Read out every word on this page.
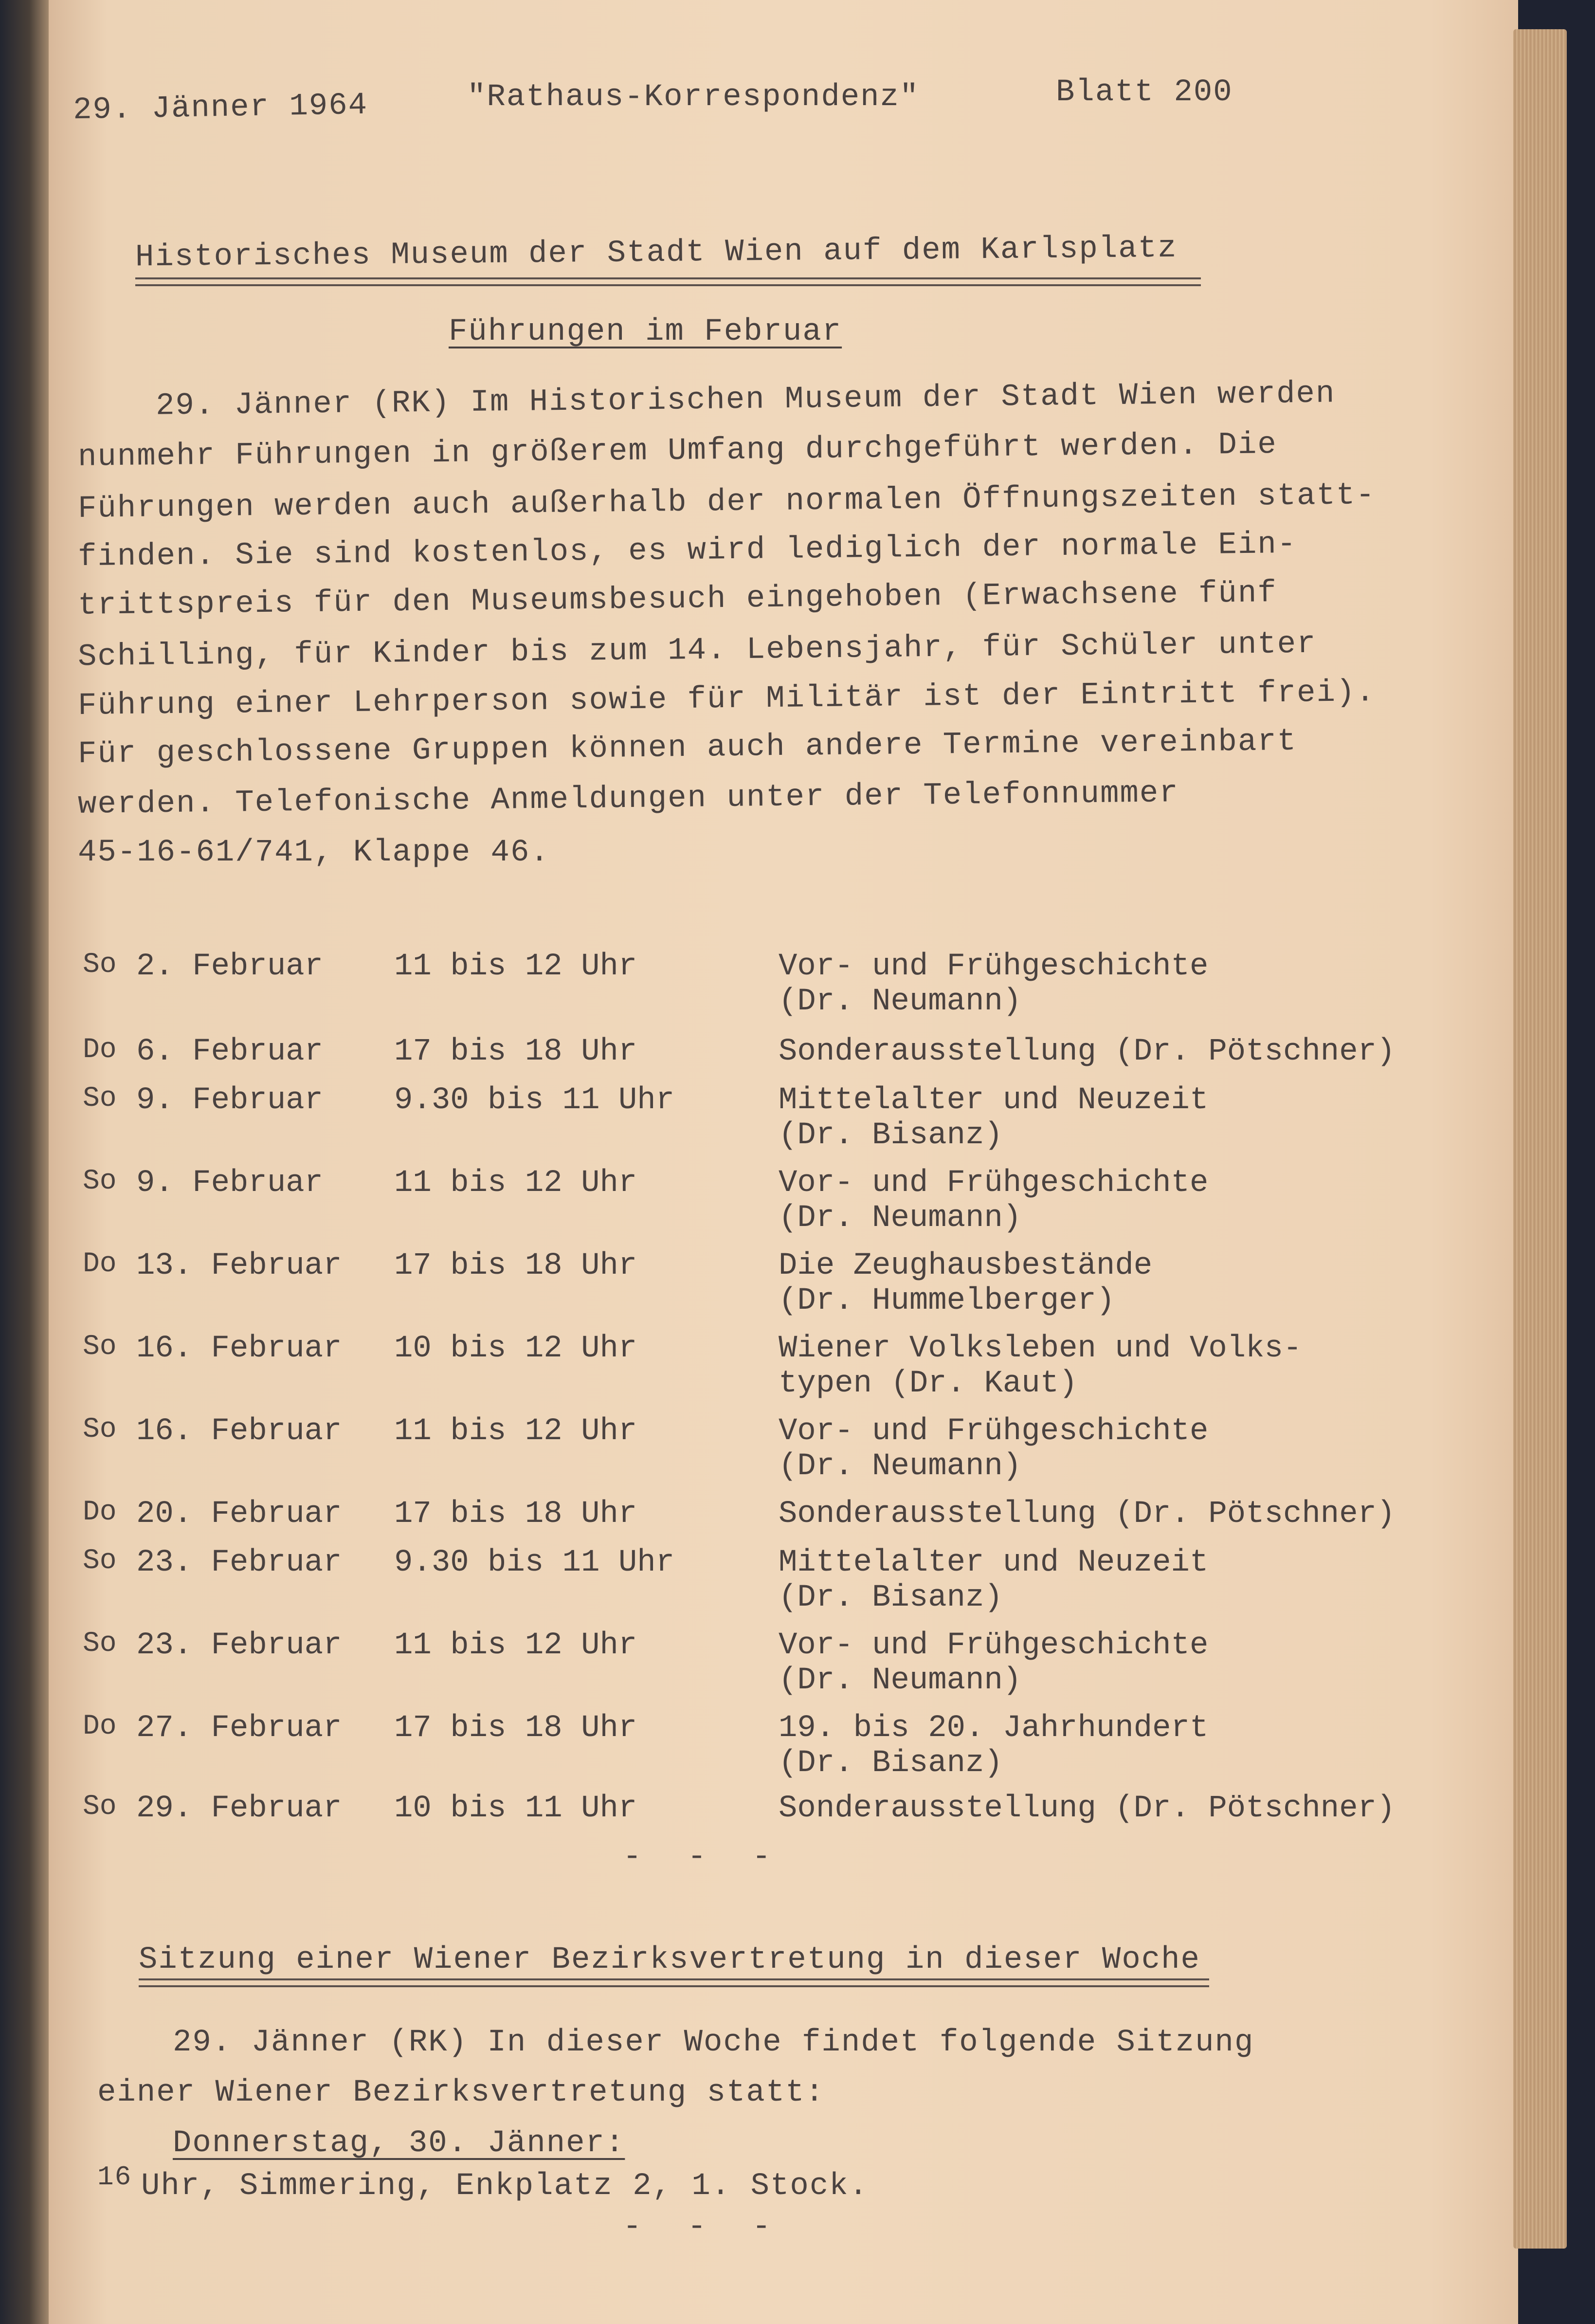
29. Jänner 1964	"Rathaus-Korrespondenz"	Blatt 200
Historisches Museum der Stadt Wien auf dem Karlsplatz
Führungen im Februar
29. Jänner (RK) Im Historischen Museum der Stadt Wien werden
nunmehr Führungen in größerem Umfang durchgeführt werden. Die
Führungen werden auch außerhalb der normalen Öffnungszeiten statt-
finden. Sie sind kostenlos, es wird lediglich der normale Ein-
trittspreis für den Museumsbesuch eingehoben (Erwachsene fünf
Schilling, für Kinder bis zum 14. Lebensjahr, für Schüler unter
Führung einer Lehrperson sowie für Militär ist der Eintritt frei).
Für geschlossene Gruppen können auch andere Termine vereinbart
werden. Telefonische Anmeldungen unter der Telefonnummer
45-16-61/741, Klappe 46.
So 2. Februar 11 bis 12 Uhr	Vor- und Frühgeschichte
(Dr. Neumann)
Do 6. Februar 17 bis 18 Uhr	Sonderausstellung (Dr. Pötschner)
So 9. Februar 9.30 bis 11 Uhr	Mittelalter und Neuzeit
(Dr. Bisanz)
So 9. Februar 11 bis 12 Uhr	Vor- und Frühgeschichte
(Dr. Neumann)
Do 13. Februar 17 bis 18 Uhr	Die Zeughausbestände
(Dr. Hummelberger)
So 16. Februar 10 bis 12 Uhr	Wiener Volksleben und Volks-
typen (Dr. Kaut)
So 16. Februar 11 bis 12 Uhr	Vor- und Frühgeschichte
(Dr. Neumann)
Do 20. Februar 17 bis 18 Uhr	Sonderausstellung (Dr. Pötschner)
So 23. Februar 9.30 bis 11 Uhr	Mittelalter und Neuzeit
(Dr. Bisanz)
So 23. Februar 11 bis 12 Uhr	Vor- und Frühgeschichte
(Dr. Neumann)
Do 27. Februar 17 bis 18 Uhr	19. bis 20. Jahrhundert
(Dr. Bisanz)
So 29. Februar 10 bis 11 Uhr	Sonderausstellung (Dr. Pötschner)
- - -
Sitzung einer Wiener Bezirksvertretung in dieser Woche
29. Jänner (RK) In dieser Woche findet folgende Sitzung
einer Wiener Bezirksvertretung statt:
Donnerstag, 30. Jänner:
16 Uhr, Simmering, Enkplatz 2, 1. Stock.
- - -
